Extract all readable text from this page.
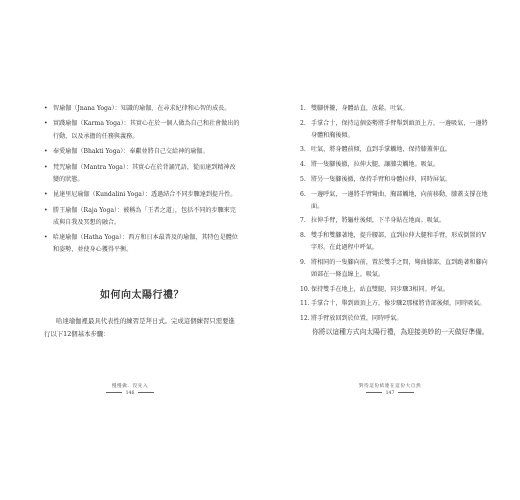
• 智瑜伽（Jnana Yoga）：知識的瑜伽，在尋求紀律和心智的成長。
• 實踐瑜伽（Karma Yoga）：其實心在於一個人做為自己和社會做出的行動，以及承擔的任務與義務。
• 奉愛瑜伽（Bhakti Yoga）：奉獻並將自己交給神的瑜伽。
• 梵咒瑜伽（Mantra Yoga）：其實心在於背誦咒語，從而達到精神改變的狀態。
• 昆達里尼瑜伽（Kundalini Yoga）：透過結合不同步驟達到提升性。
• 勝王瑜伽（Raja Yoga）：被稱為「王者之道」，包括不同的步驟來完成與自我及冥想的融合。
• 哈達瑜伽（Hatha Yoga）：西方和日本最普及的瑜伽，其特色是體位和姿勢，並使身心獲得平衡。
如何向太陽行禮？

哈達瑜伽裡最具代表性的練習是拜日式。完成這個練習只需要進行以下12個基本步驟：

慢慢做．沒先入
146
1. 雙腳併攏，身體站直，放鬆。吐氣。
2. 手掌合十，保持這個姿勢將手臂舉到頭頂上方。一邊吸氣，一邊將身體和胸後傾。
3. 吐氣，將身體前傾，直到手掌觸地，保持膝蓋伸直。
4. 將一隻腳後撤，拉伸大腿，讓膝尖觸地。吸氣。
5. 將另一隻腳後撤，保持手臂和身體拉伸，同時屏氣。
6. 一邊呼氣，一邊將手臂彎曲，胸部觸地，向前移動，膝蓋支撐在地面。
7. 拉伸手臂，將軀柱後傾，下半身貼在地面。吸氣。
8. 雙手和雙腳著地，提升腰部，直到拉伸大腿和手臂，形成倒置的V字形。在此過程中呼氣。
9. 將相同的一隻腳向前，置於雙手之間，彎曲膝部，直到跪著和腳向頭部在一條直線上。吸氣。
10. 保持雙手在地上，站直雙腿，同步驟3相同。呼氣。
11. 手掌合十，舉到頭頂上方，像步驟2那樣將背部後傾，同時吸氣。
12. 將手臂放回到於位置，同時呼氣。

你將以這種方式向太陽行禮，為迎接美妙的一天做好準備。

對待這份結連在這份大自然
147
